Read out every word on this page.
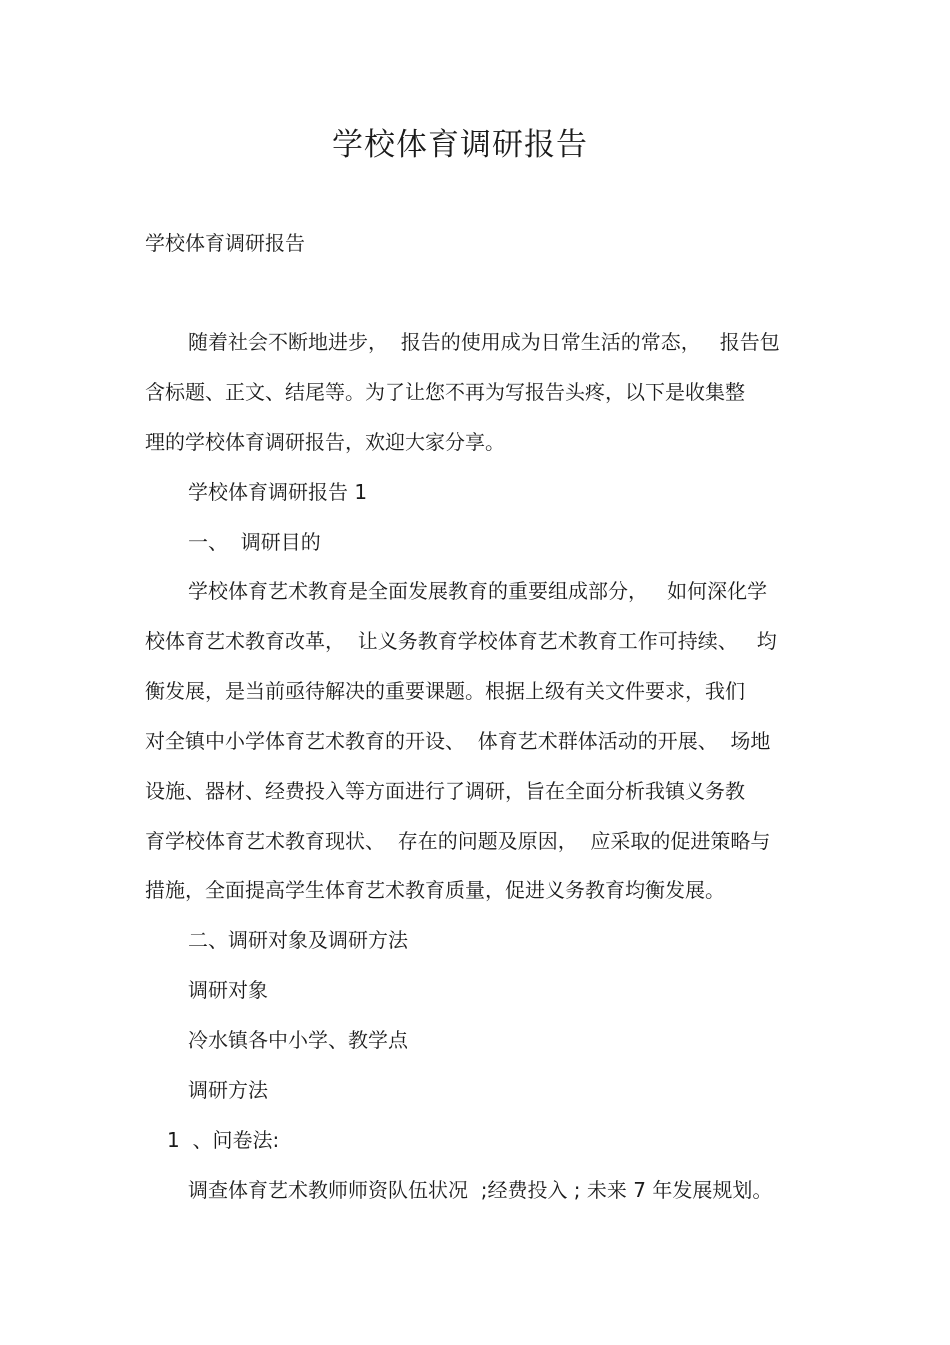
学校体育调研报告

学校体育调研报告

随着社会不断地进步，  报告的使用成为日常生活的常态，   报告包

含标题、正文、结尾等。为了让您不再为写报告头疼，以下是收集整

理的学校体育调研报告，欢迎大家分享。

学校体育调研报告 1

一、  调研目的

学校体育艺术教育是全面发展教育的重要组成部分，   如何深化学

校体育艺术教育改革，  让义务教育学校体育艺术教育工作可持续、   均

衡发展，是当前亟待解决的重要课题。根据上级有关文件要求，我们

对全镇中小学体育艺术教育的开设、  体育艺术群体活动的开展、  场地

设施、器材、经费投入等方面进行了调研，旨在全面分析我镇义务教

育学校体育艺术教育现状、  存在的问题及原因，  应采取的促进策略与

措施，全面提高学生体育艺术教育质量，促进义务教育均衡发展。

二、调研对象及调研方法

调研对象

冷水镇各中小学、教学点

调研方法

1  、问卷法:

调查体育艺术教师师资队伍状况  ;经费投入 ; 未来 7 年发展规划。
